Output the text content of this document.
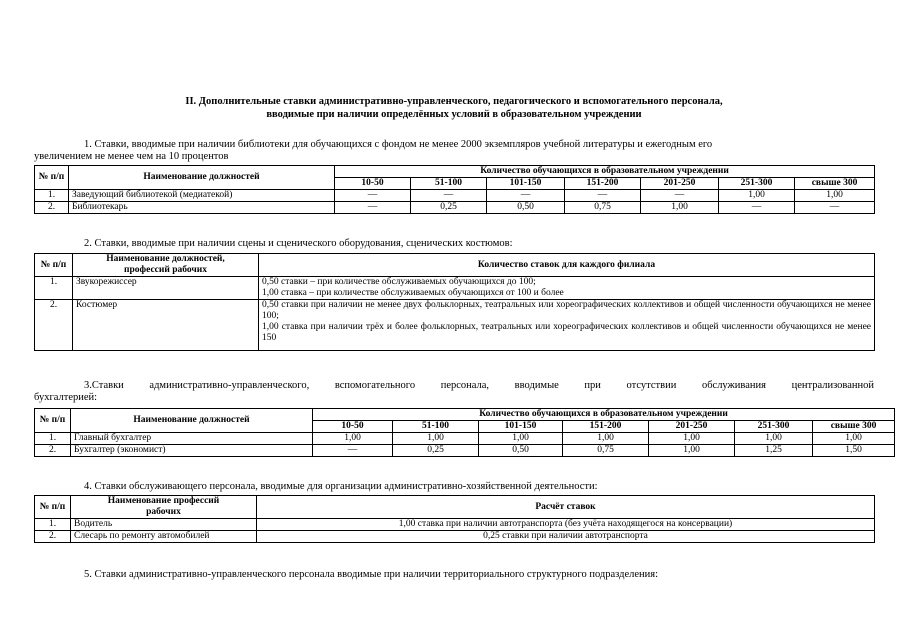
II. Дополнительные ставки административно-управленческого, педагогического и вспомогательного персонала,
вводимые при наличии определённых условий в образовательном учреждении
1. Ставки, вводимые при наличии библиотеки для обучающихся с фондом не менее 2000 экземпляров учебной литературы и ежегодным его
увеличением не менее чем на 10 процентов
№ п/п	Наименование должностей	Количество обучающихся в образовательном учреждении						
		10-50	51-100	101-150	151-200	201-250	251-300	свыше 300
1.	Заведующий библиотекой (медиатекой)	—	—	—	—	—	1,00	1,00
2.	Библиотекарь	—	0,25	0,50	0,75	1,00	—	—
2. Ставки, вводимые при наличии сцены и сценического оборудования, сценических костюмов:
№ п/п	Наименование должностей,
профессий рабочих	Количество ставок для каждого филиала
1.	Звукорежиссер	0,50 ставки – при количестве обслуживаемых обучающихся до 100;

1,00 ставка – при количестве обслуживаемых обучающихся от 100 и более

2.	Костюмер	0,50 ставки при наличии не менее двух фольклорных, театральных или хореографических коллективов и общей численности обучающихся не менее 100;

1,00 ставка при наличии трёх и более фольклорных, театральных или хореографических коллективов и общей численности обучающихся не менее 150

3.Ставки административно-управленческого, вспомогательного персонала, вводимые при отсутствии обслуживания централизованной
бухгалтерией:
№ п/п	Наименование должностей	Количество обучающихся в образовательном учреждении						
		10-50	51-100	101-150	151-200	201-250	251-300	свыше 300
1.	Главный бухгалтер	1,00	1,00	1,00	1,00	1,00	1,00	1,00
2.	Бухгалтер (экономист)	—	0,25	0,50	0,75	1,00	1,25	1,50
4. Ставки обслуживающего персонала, вводимые для организации административно-хозяйственной деятельности:
№ п/п	Наименование профессий
рабочих	Расчёт ставок
1.	Водитель	1,00 ставка при наличии автотранспорта (без учёта находящегося на консервации)
2.	Слесарь по ремонту автомобилей	0,25 ставки при наличии автотранспорта
5. Ставки административно-управленческого персонала вводимые при наличии территориального структурного подразделения:
